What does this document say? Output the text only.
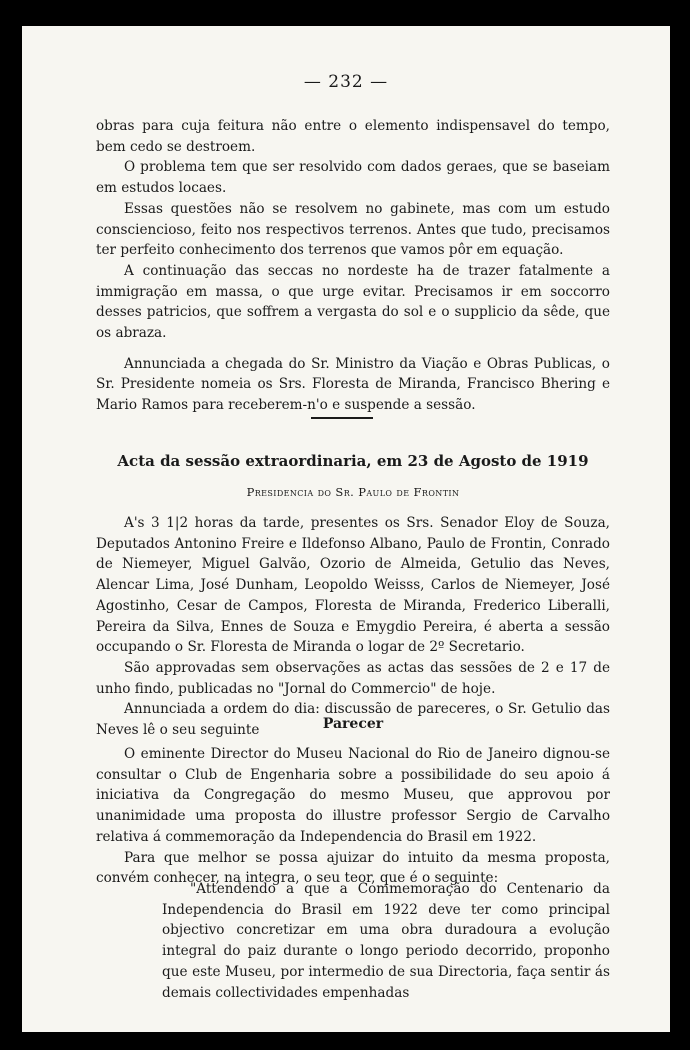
— 232 —

obras para cuja feitura não entre o elemento indispensavel do tempo, bem cedo se destroem.

O problema tem que ser resolvido com dados geraes, que se baseiam em estudos locaes.

Essas questões não se resolvem no gabinete, mas com um estudo consciencioso, feito nos respectivos terrenos. Antes que tudo, precisamos ter perfeito conhecimento dos terrenos que vamos pôr em equação.

A continuação das seccas no nordeste ha de trazer fatalmente a immigração em massa, o que urge evitar. Precisamos ir em soccorro desses patricios, que soffrem a vergasta do sol e o supplicio da sêde, que os abraza.

Annunciada a chegada do Sr. Ministro da Viação e Obras Publicas, o Sr. Presidente nomeia os Srs. Floresta de Miranda, Francisco Bhering e Mario Ramos para receberem-n'o e suspende a sessão.

Acta da sessão extraordinaria, em 23 de Agosto de 1919
Presidencia do Sr. Paulo de Frontin

A's 3 1|2 horas da tarde, presentes os Srs. Senador Eloy de Souza, Deputados Antonino Freire e Ildefonso Albano, Paulo de Frontin, Conrado de Niemeyer, Miguel Galvão, Ozorio de Almeida, Getulio das Neves, Alencar Lima, José Dunham, Leopoldo Weisss, Carlos de Niemeyer, José Agostinho, Cesar de Campos, Floresta de Miranda, Frederico Liberalli, Pereira da Silva, Ennes de Souza e Emygdio Pereira, é aberta a sessão occupando o Sr. Floresta de Miranda o logar de 2º Secretario.

São approvadas sem observações as actas das sessões de 2 e 17 de unho findo, publicadas no "Jornal do Commercio" de hoje.

Annunciada a ordem do dia: discussão de pareceres, o Sr. Getulio das Neves lê o seu seguinte	Parecer

O eminente Director do Museu Nacional do Rio de Janeiro dignou-se consultar o Club de Engenharia sobre a possibilidade do seu apoio á iniciativa da Congregação do mesmo Museu, que approvou por unanimidade uma proposta do illustre professor Sergio de Carvalho relativa á commemoração da Independencia do Brasil em 1922.

Para que melhor se possa ajuizar do intuito da mesma proposta, convém conhecer, na integra, o seu teor, que é o seguinte:

"Attendendo a que a Commemoração do Centenario da Independencia do Brasil em 1922 deve ter como principal objectivo concretizar em uma obra duradoura a evolução integral do paiz durante o longo periodo decorrido, proponho que este Museu, por intermedio de sua Directoria, faça sentir ás demais collectividades empenhadas
